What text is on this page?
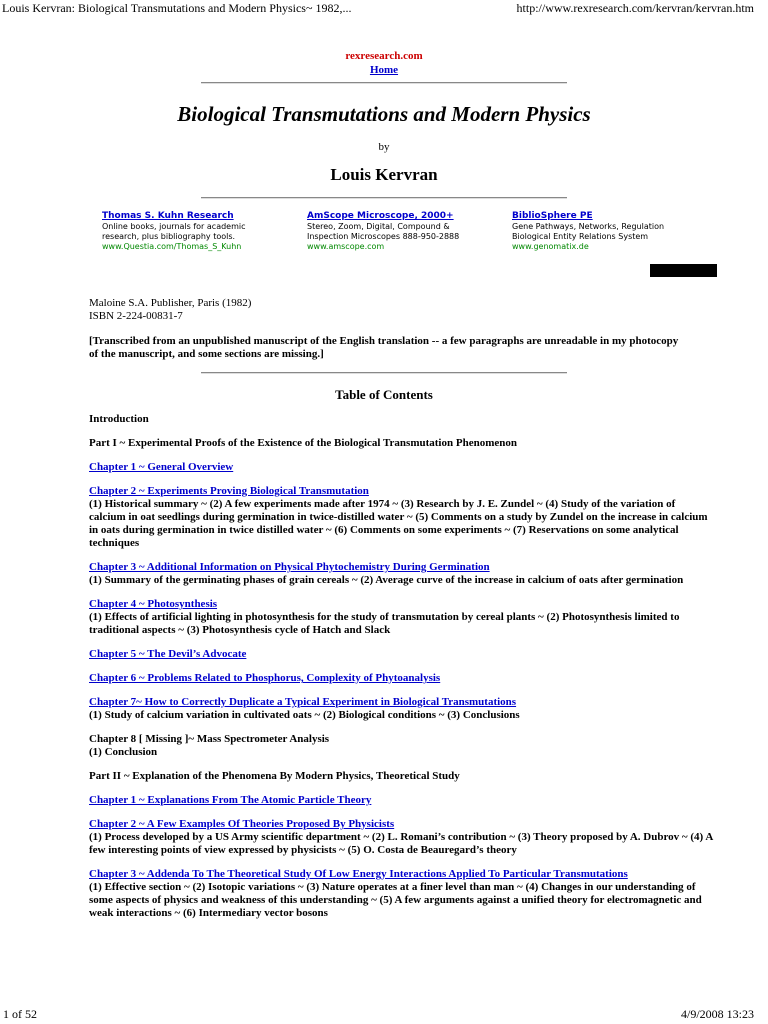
Louis Kervran: Biological Transmutations and Modern Physics~ 1982,...	http://www.rexresearch.com/kervran/kervran.htm
rexresearch.com
Home
Biological Transmutations and Modern Physics
by
Louis Kervran
Thomas S. Kuhn Research
Online books, journals for academic
research, plus bibliography tools.
www.Questia.com/Thomas_S_Kuhn
AmScope Microscope, 2000+
Stereo, Zoom, Digital, Compound &
Inspection Microscopes 888-950-2888
www.amscope.com
BiblioSphere PE
Gene Pathways, Networks, Regulation
Biological Entity Relations System
www.genomatix.de
Maloine S.A. Publisher, Paris (1982)
ISBN 2-224-00831-7
[Transcribed from an unpublished manuscript of the English translation -- a few paragraphs are unreadable in my photocopy of the manuscript, and some sections are missing.]
Table of Contents

Introduction

Part I ~ Experimental Proofs of the Existence of the Biological Transmutation Phenomenon

Chapter 1 ~ General Overview

Chapter 2 ~ Experiments Proving Biological Transmutation
(1) Historical summary ~ (2) A few experiments made after 1974 ~ (3) Research by J. E. Zundel ~ (4) Study of the variation of calcium in oat seedlings during germination in twice-distilled water ~ (5) Comments on a study by Zundel on the increase in calcium in oats during germination in twice distilled water ~ (6) Comments on some experiments ~ (7) Reservations on some analytical techniques

Chapter 3 ~ Additional Information on Physical Phytochemistry During Germination
(1) Summary of the germinating phases of grain cereals ~ (2) Average curve of the increase in calcium of oats after germination

Chapter 4 ~ Photosynthesis
(1) Effects of artificial lighting in photosynthesis for the study of transmutation by cereal plants ~ (2) Photosynthesis limited to traditional aspects ~ (3) Photosynthesis cycle of Hatch and Slack

Chapter 5 ~ The Devil’s Advocate

Chapter 6 ~ Problems Related to Phosphorus, Complexity of Phytoanalysis

Chapter 7~ How to Correctly Duplicate a Typical Experiment in Biological Transmutations
(1) Study of calcium variation in cultivated oats ~ (2) Biological conditions ~ (3) Conclusions

Chapter 8 [ Missing ]~ Mass Spectrometer Analysis
(1) Conclusion

Part II ~ Explanation of the Phenomena By Modern Physics, Theoretical Study

Chapter 1 ~ Explanations From The Atomic Particle Theory

Chapter 2 ~ A Few Examples Of Theories Proposed By Physicists
(1) Process developed by a US Army scientific department ~ (2) L. Romani’s contribution ~ (3) Theory proposed by A. Dubrov ~ (4) A few interesting points of view expressed by physicists ~ (5) O. Costa de Beauregard’s theory

Chapter 3 ~ Addenda To The Theoretical Study Of Low Energy Interactions Applied To Particular Transmutations
(1) Effective section ~ (2) Isotopic variations ~ (3) Nature operates at a finer level than man ~ (4) Changes in our understanding of some aspects of physics and weakness of this understanding ~ (5) A few arguments against a unified theory for electromagnetic and weak interactions ~ (6) Intermediary vector bosons

1 of 52	4/9/2008 13:23
